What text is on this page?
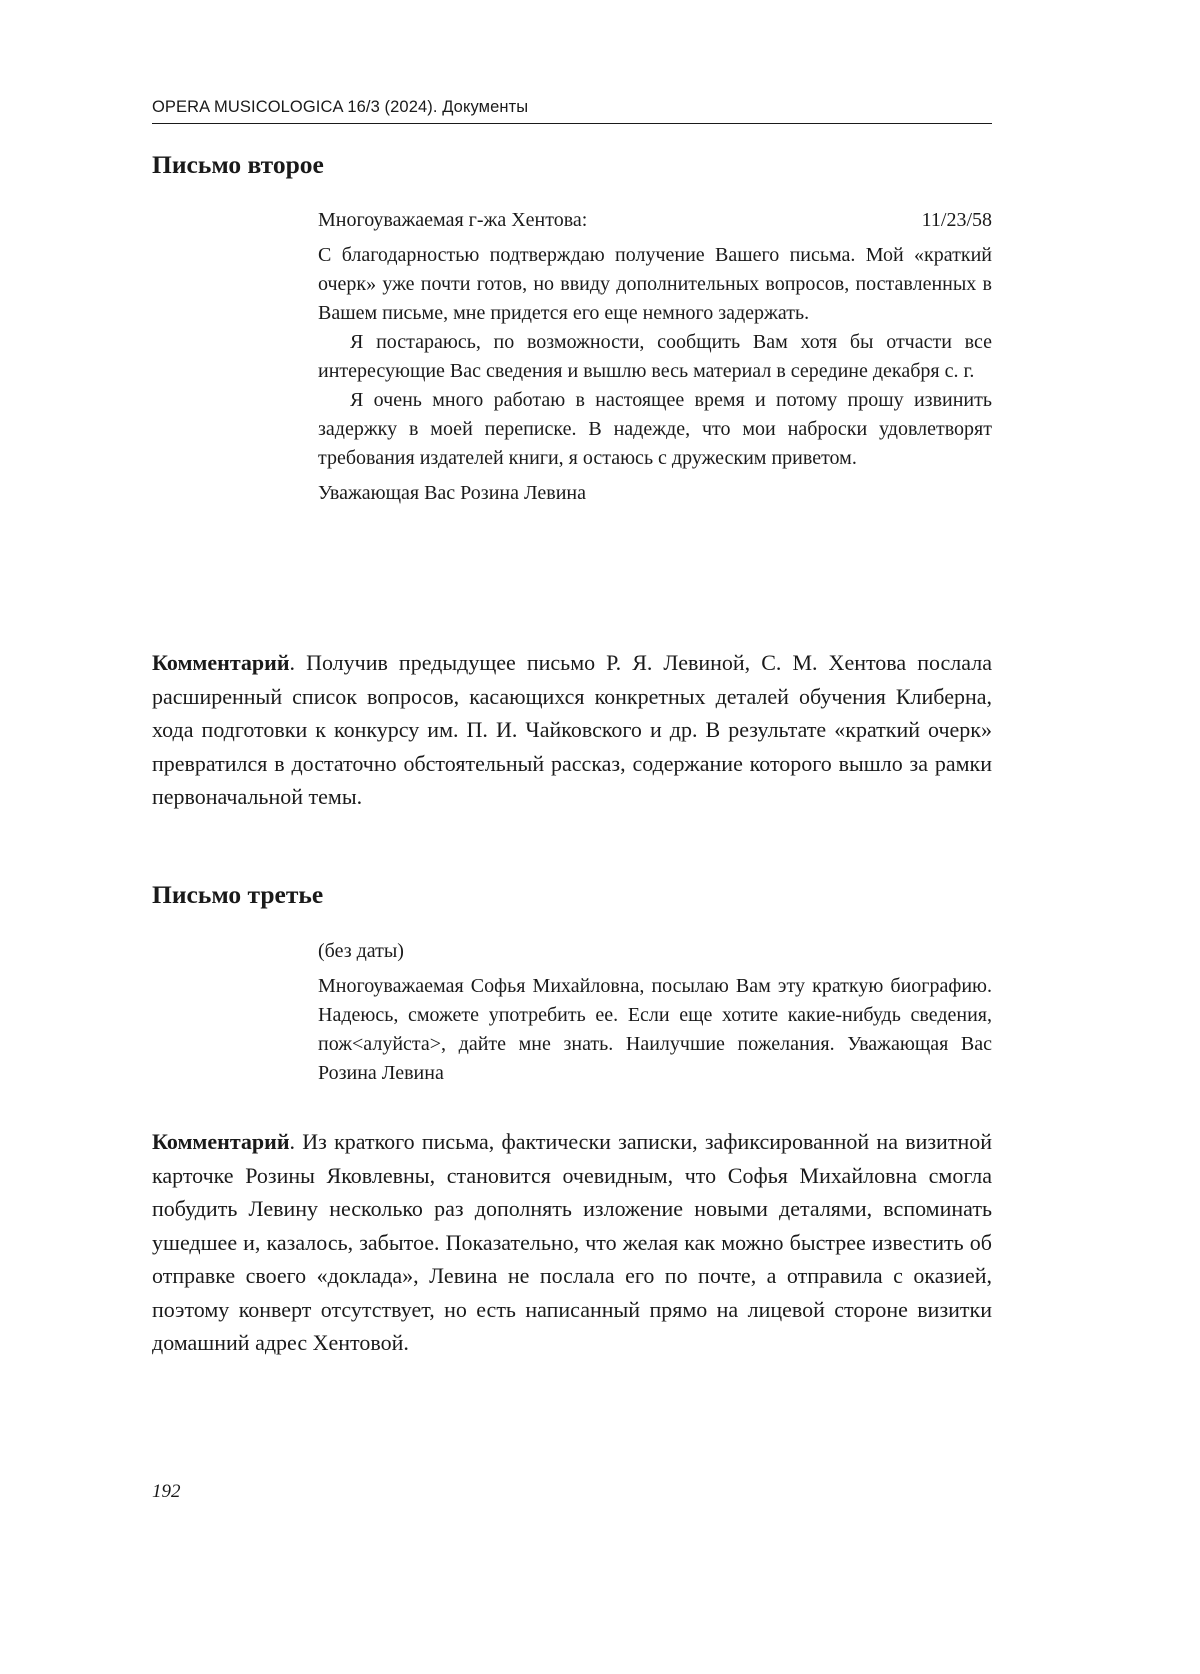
OPERA MUSICOLOGICA 16/3 (2024). Документы
Письмо второе
Многоуважаемая г-жа Хентова:	11/23/58

С благодарностью подтверждаю получение Вашего письма. Мой «краткий очерк» уже почти готов, но ввиду дополнительных вопросов, поставленных в Вашем письме, мне придется его еще немного задержать.

Я постараюсь, по возможности, сообщить Вам хотя бы отчасти все интересующие Вас сведения и вышлю весь материал в середине декабря с. г.

Я очень много работаю в настоящее время и потому прошу извинить задержку в моей переписке. В надежде, что мои наброски удовлетворят требования издателей книги, я остаюсь с дружеским приветом.

Уважающая Вас Розина Левина

Комментарий. Получив предыдущее письмо Р. Я. Левиной, С. М. Хентова послала расширенный список вопросов, касающихся конкретных деталей обучения Клиберна, хода подготовки к конкурсу им. П. И. Чайковского и др. В результате «краткий очерк» превратился в достаточно обстоятельный рассказ, содержание которого вышло за рамки первоначальной темы.

Письмо третье

(без даты)

Многоуважаемая Софья Михайловна, посылаю Вам эту краткую биографию. Надеюсь, сможете употребить ее. Если еще хотите какие-нибудь сведения, пож<алуйста>, дайте мне знать. Наилучшие пожелания. Уважающая Вас Розина Левина

Комментарий. Из краткого письма, фактически записки, зафиксированной на визитной карточке Розины Яковлевны, становится очевидным, что Софья Михайловна смогла побудить Левину несколько раз дополнять изложение новыми деталями, вспоминать ушедшее и, казалось, забытое. Показательно, что желая как можно быстрее известить об отправке своего «доклада», Левина не послала его по почте, а отправила с оказией, поэтому конверт отсутствует, но есть написанный прямо на лицевой стороне визитки домашний адрес Хентовой.

192
